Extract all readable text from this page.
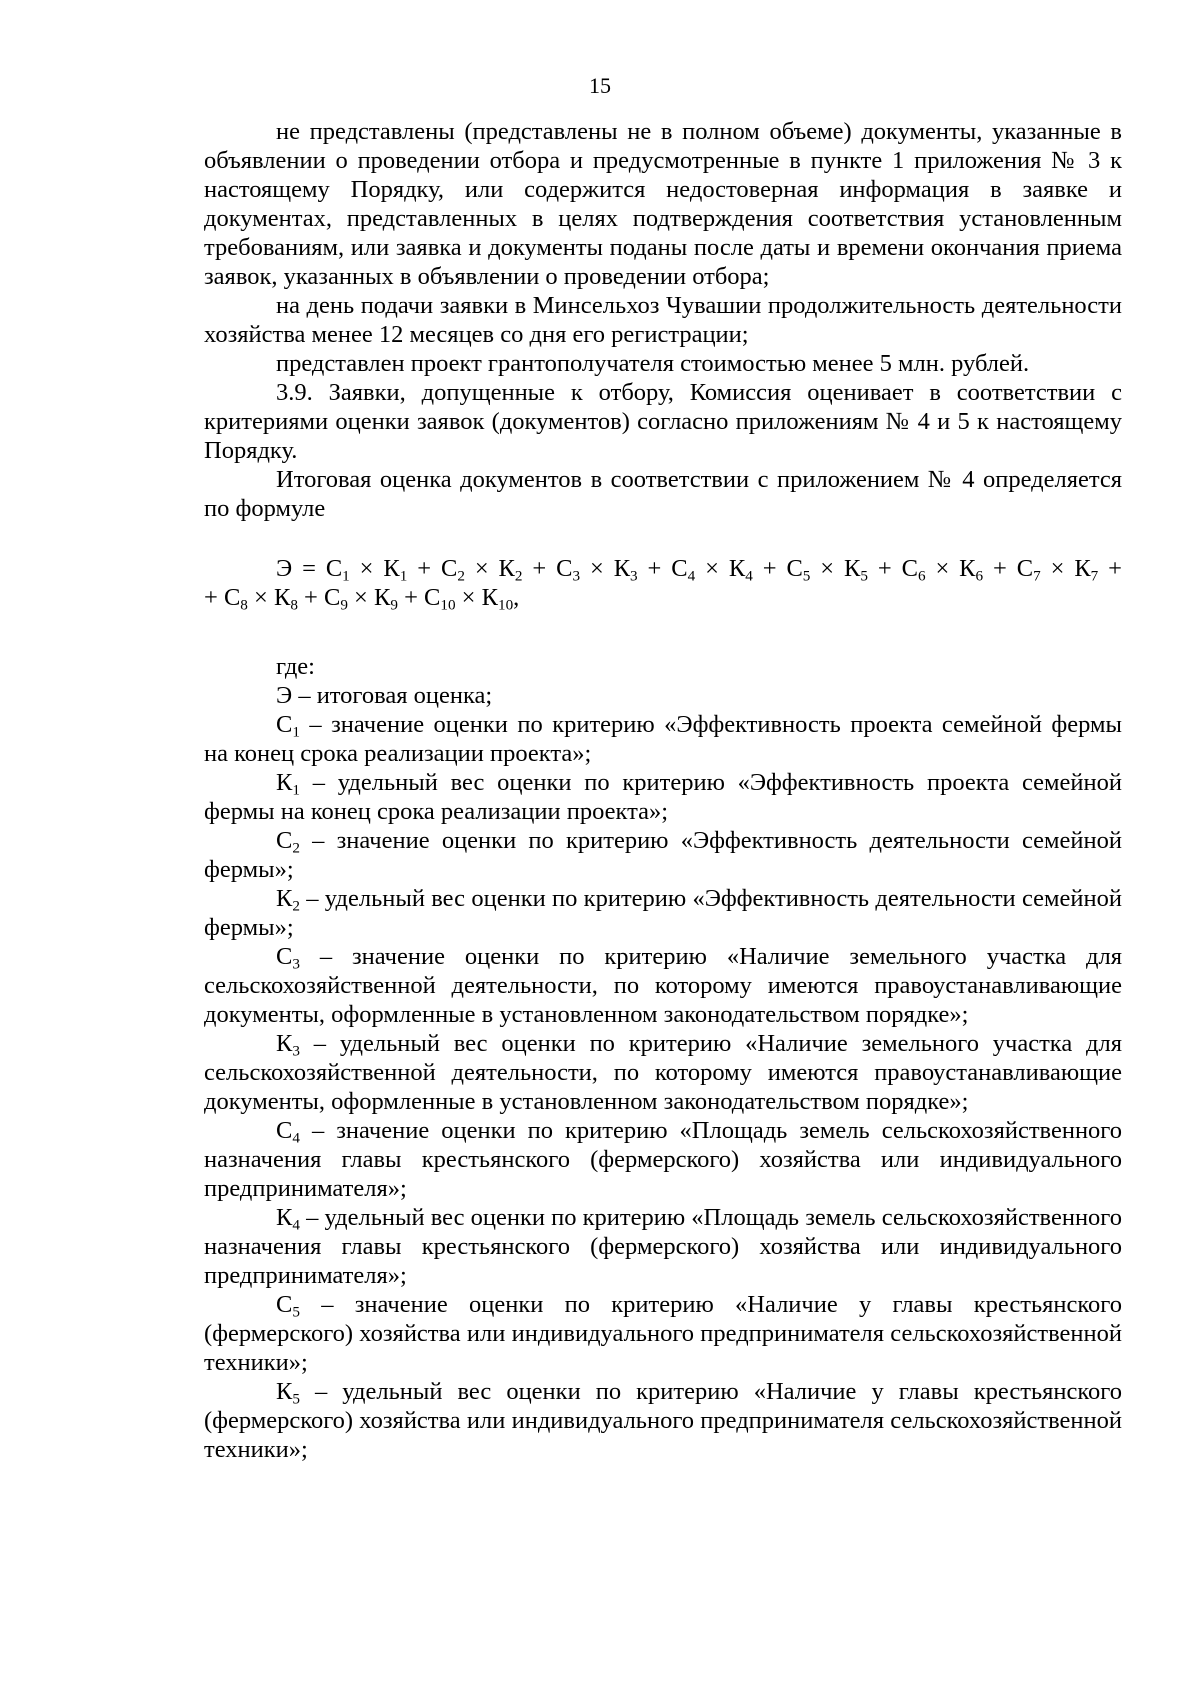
15

не представлены (представлены не в полном объеме) документы, указанные в объявлении о проведении отбора и предусмотренные в пункте 1 приложения № 3 к настоящему Порядку, или содержится недостоверная информация в заявке и документах, представленных в целях подтверждения соответствия установленным требованиям, или заявка и документы поданы после даты и времени окончания приема заявок, указанных в объявлении о проведении отбора;

на день подачи заявки в Минсельхоз Чувашии продолжительность деятельности хозяйства менее 12 месяцев со дня его регистрации;

представлен проект грантополучателя стоимостью менее 5 млн. рублей.

3.9. Заявки, допущенные к отбору, Комиссия оценивает в соответствии с критериями оценки заявок (документов) согласно приложениям № 4 и 5 к настоящему Порядку.

Итоговая оценка документов в соответствии с приложением № 4 определяется по формуле

$Э = С_1 \times К_1 + С_2 \times К_2 + С_3 \times К_3 + С_4 \times К_4 + С_5 \times К_5 + С_6 \times К_6 + С_7 \times К_7$ +

+ $С_8 \times К_8 + С_9 \times К_9 + С_{10} \times К_{10}$,

где:

Э – итоговая оценка;

$С_1$ – значение оценки по критерию «Эффективность проекта семейной фермы на конец срока реализации проекта»;

$К_1$ – удельный вес оценки по критерию «Эффективность проекта семейной фермы на конец срока реализации проекта»;

$С_2$ – значение оценки по критерию «Эффективность деятельности семейной фермы»;

$К_2$ – удельный вес оценки по критерию «Эффективность деятельности семейной фермы»;

$С_3$ – значение оценки по критерию «Наличие земельного участка для сельскохозяйственной деятельности, по которому имеются правоустанавливающие документы, оформленные в установленном законодательством порядке»;

$К_3$ – удельный вес оценки по критерию «Наличие земельного участка для сельскохозяйственной деятельности, по которому имеются правоустанавливающие документы, оформленные в установленном законодательством порядке»;

$С_4$ – значение оценки по критерию «Площадь земель сельскохозяйственного назначения главы крестьянского (фермерского) хозяйства или индивидуального предпринимателя»;

$К_4$ – удельный вес оценки по критерию «Площадь земель сельскохозяйственного назначения главы крестьянского (фермерского) хозяйства или индивидуального предпринимателя»;

$С_5$ – значение оценки по критерию «Наличие у главы крестьянского (фермерского) хозяйства или индивидуального предпринимателя сельскохозяйственной техники»;

$К_5$ – удельный вес оценки по критерию «Наличие у главы крестьянского (фермерского) хозяйства или индивидуального предпринимателя сельскохозяйственной техники»;
